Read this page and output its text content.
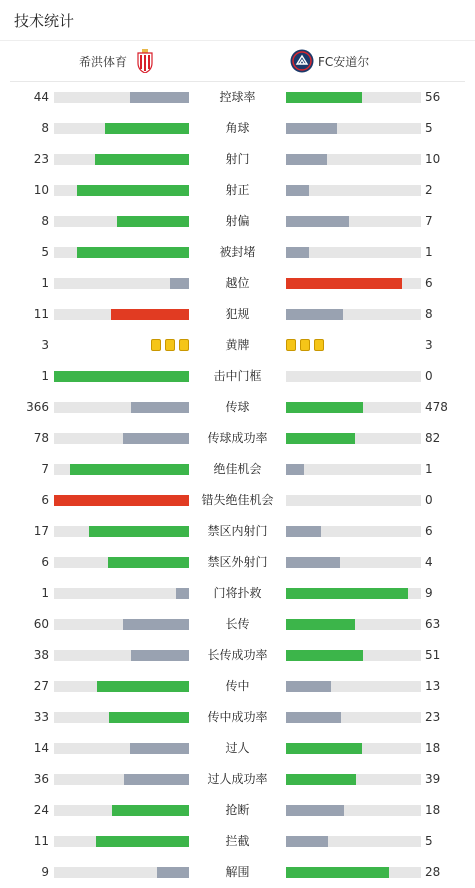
技术统计
希洪体育	FC安道尔
44	控球率	56
8	角球	5
23	射门	10
10	射正	2
8	射偏	7
5	被封堵	1
1	越位	6
11	犯规	8
3	黄牌	3
1	击中门框	0
366	传球	478
78	传球成功率	82
7	绝佳机会	1
6	错失绝佳机会	0
17	禁区内射门	6
6	禁区外射门	4
1	门将扑救	9
60	长传	63
38	长传成功率	51
27	传中	13
33	传中成功率	23
14	过人	18
36	过人成功率	39
24	抢断	18
11	拦截	5
9	解围	28
